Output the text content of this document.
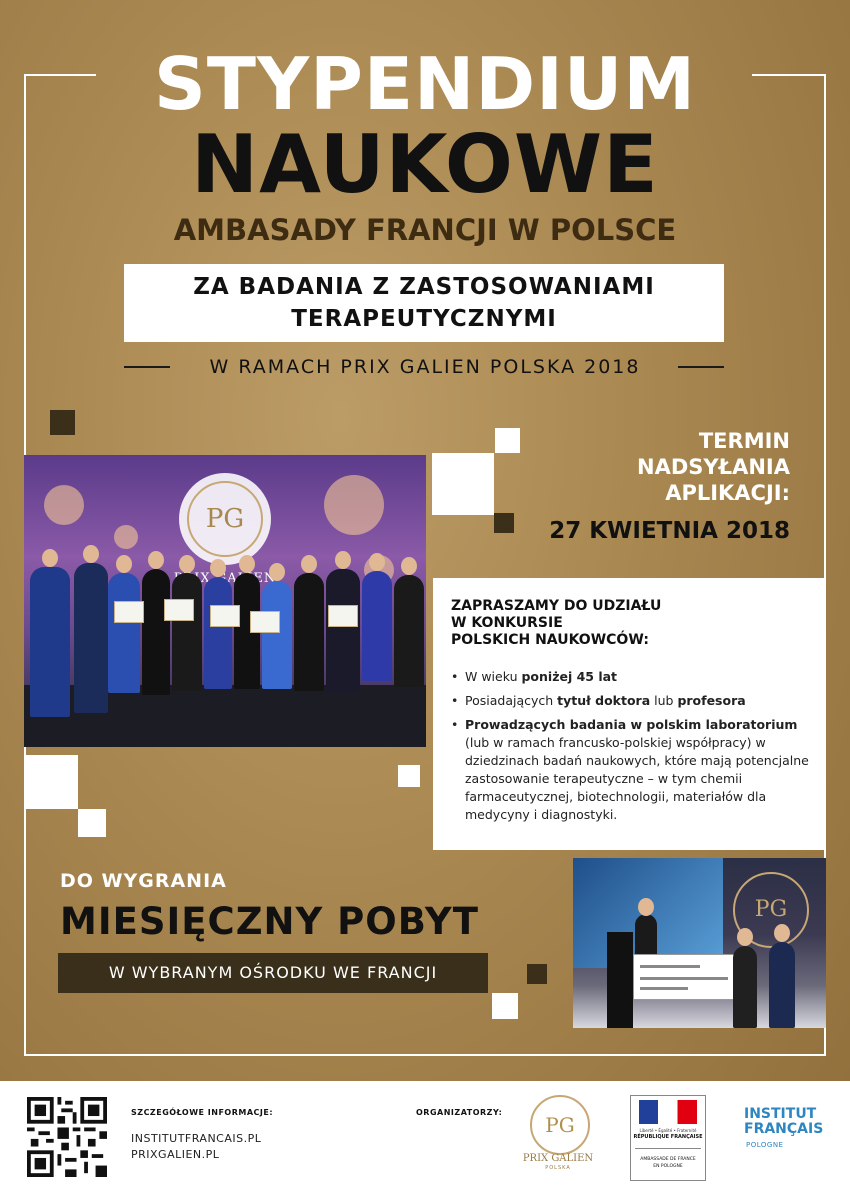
STYPENDIUM
NAUKOWE
AMBASADY FRANCJI W POLSCE
ZA BADANIA Z ZASTOSOWANIAMI
TERAPEUTYCZNYMI
W RAMACH PRIX GALIEN POLSKA 2018
TERMIN
NADSYŁANIA
APLIKACJI:
27 KWIETNIA 2018
PG
ZAPRASZAMY DO UDZIAŁU
W KONKURSIE
POLSKICH NAUKOWCÓW:
• W wieku poniżej 45 lat
• Posiadających tytuł doktora lub profesora
• Prowadzących badania w polskim laboratorium
(lub w ramach francusko-polskiej współpracy) w dziedzinach badań naukowych, które mają potencjalne zastosowanie terapeutyczne – w tym chemii farmaceutycznej, biotechnologii, materiałów dla medycyny i diagnostyki.
DO WYGRANIA
MIESIĘCZNY POBYT
W WYBRANYM OŚRODKU WE FRANCJI
PG
SZCZEGÓŁOWE INFORMACJE:
INSTITUTFRANCAIS.PL
PRIXGALIEN.PL
ORGANIZATORZY:
PG
PRIX GALIEN
POLSKA
Liberté • Égalité • Fraternité
RÉPUBLIQUE FRANÇAISE
AMBASSADE DE FRANCE
EN POLOGNE
INSTITUT
FRANÇAIS
POLOGNE
